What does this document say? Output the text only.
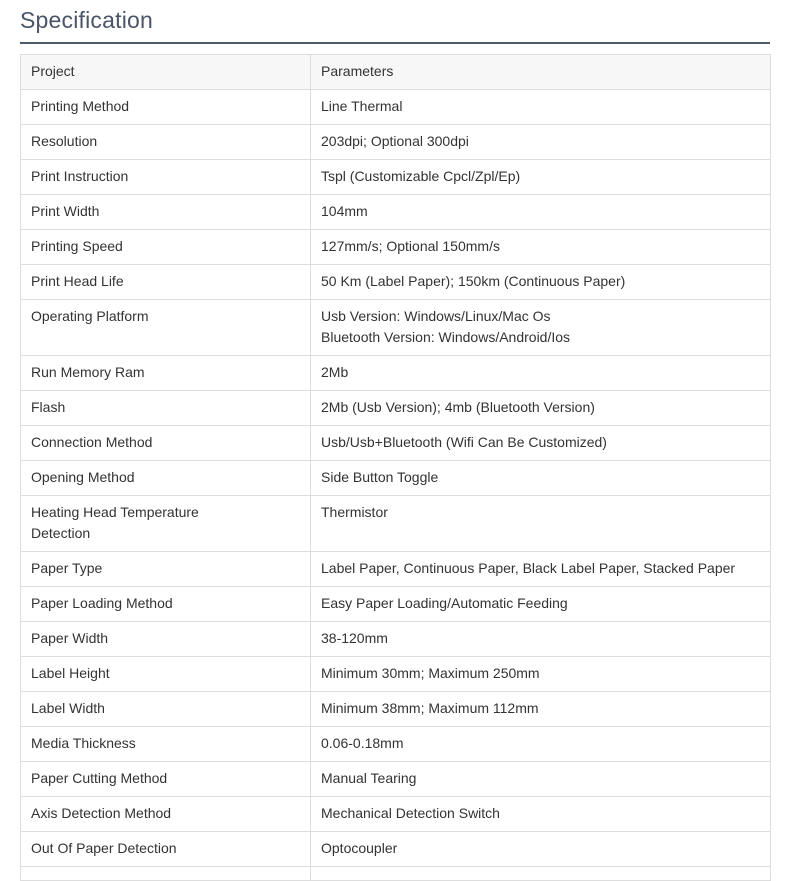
Specification
Project	Parameters
Printing Method	Line Thermal

Resolution	203dpi; Optional 300dpi

Print Instruction	Tspl (Customizable Cpcl/Zpl/Ep)

Print Width	104mm

Printing Speed	127mm/s; Optional 150mm/s

Print Head Life	50 Km (Label Paper); 150km (Continuous Paper)

Operating Platform	Usb Version: Windows/Linux/Mac Os
Bluetooth Version: Windows/Android/Ios

Run Memory Ram	2Mb

Flash	2Mb (Usb Version); 4mb (Bluetooth Version)

Connection Method	Usb/Usb+Bluetooth (Wifi Can Be Customized)

Opening Method	Side Button Toggle

Heating Head Temperature Detection	Thermistor

Paper Type	Label Paper, Continuous Paper, Black Label Paper, Stacked Paper

Paper Loading Method	Easy Paper Loading/Automatic Feeding

Paper Width	38-120mm

Label Height	Minimum 30mm; Maximum 250mm

Label Width	Minimum 38mm; Maximum 112mm

Media Thickness	0.06-0.18mm

Paper Cutting Method	Manual Tearing

Axis Detection Method	Mechanical Detection Switch

Out Of Paper Detection	Optocoupler
